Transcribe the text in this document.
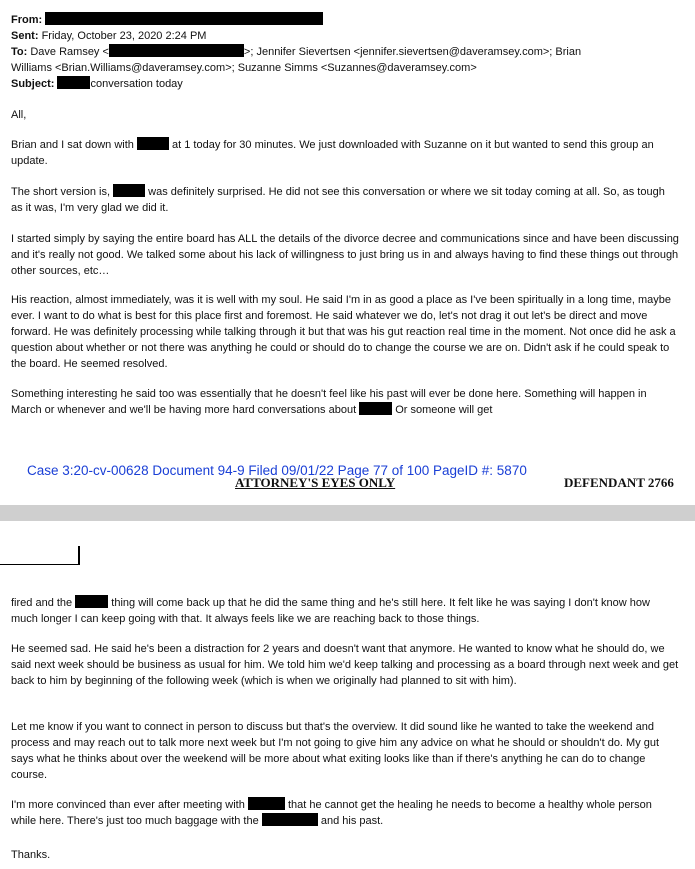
From:
Sent: Friday, October 23, 2020 2:24 PM
To: Dave Ramsey <	>; Jennifer Sievertsen <jennifer.sievertsen@daveramsey.com>; Brian
Williams <Brian.Williams@daveramsey.com>; Suzanne Simms <Suzannes@daveramsey.com>
Subject:	conversation today
All,
Brian and I sat down with	at 1 today for 30 minutes. We just downloaded with Suzanne on it but wanted to send this group an update.
The short version is,	was definitely surprised. He did not see this conversation or where we sit today coming at all. So, as tough as it was, I'm very glad we did it.
I started simply by saying the entire board has ALL the details of the divorce decree and communications since and have been discussing and it's really not good. We talked some about his lack of willingness to just bring us in and always having to find these things out through other sources, etc…
His reaction, almost immediately, was it is well with my soul. He said I'm in as good a place as I've been spiritually in a long time, maybe ever. I want to do what is best for this place first and foremost. He said whatever we do, let's not drag it out let's be direct and move forward. He was definitely processing while talking through it but that was his gut reaction real time in the moment. Not once did he ask a question about whether or not there was anything he could or should do to change the course we are on. Didn't ask if he could speak to the board. He seemed resolved.
Something interesting he said too was essentially that he doesn't feel like his past will ever be done here. Something will happen in March or whenever and we'll be having more hard conversations about	Or someone will get
Case 3:20-cv-00628 Document 94-9 Filed 09/01/22 Page 77 of 100 PageID #: 5870
ATTORNEY'S EYES ONLY	DEFENDANT 2766
fired and the	thing will come back up that he did the same thing and he's still here. It felt like he was saying I don't know how much longer I can keep going with that. It always feels like we are reaching back to those things.
He seemed sad. He said he's been a distraction for 2 years and doesn't want that anymore. He wanted to know what he should do, we said next week should be business as usual for him. We told him we'd keep talking and processing as a board through next week and get back to him by beginning of the following week (which is when we originally had planned to sit with him).
Let me know if you want to connect in person to discuss but that's the overview. It did sound like he wanted to take the weekend and process and may reach out to talk more next week but I'm not going to give him any advice on what he should or shouldn't do. My gut says what he thinks about over the weekend will be more about what exiting looks like than if there's anything he can do to change course.
I'm more convinced than ever after meeting with	that he cannot get the healing he needs to become a healthy whole person while here. There's just too much baggage with the	and his past.
Thanks.
